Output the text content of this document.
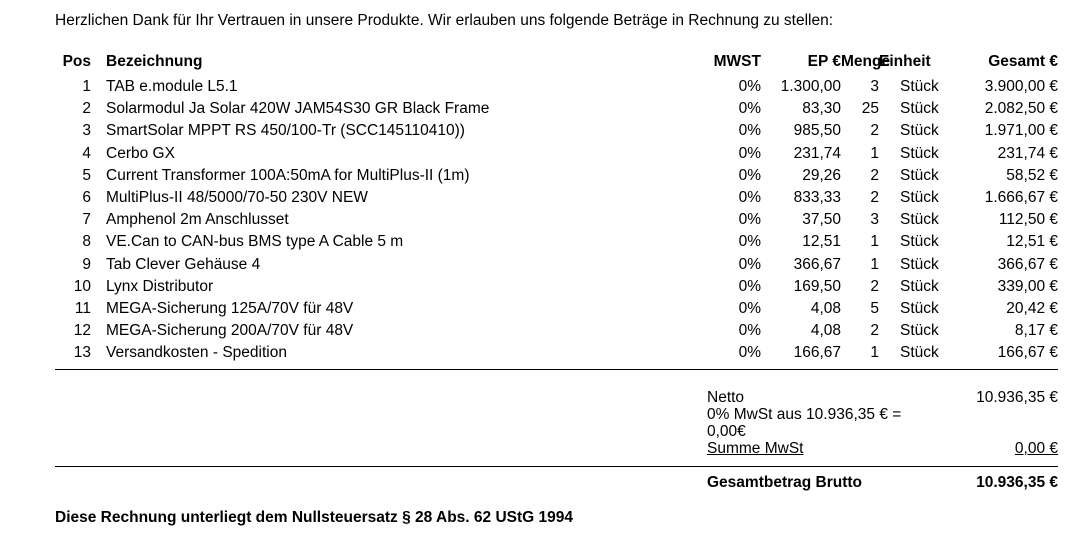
Herzlichen Dank für Ihr Vertrauen in unsere Produkte. Wir erlauben uns folgende Beträge in Rechnung zu stellen:
Pos	Bezeichnung	MWST	EP €	Menge	Einheit	Gesamt €
1	TAB e.module L5.1	0%	1.300,00	3	Stück	3.900,00 €
2	Solarmodul Ja Solar 420W JAM54S30 GR Black Frame	0%	83,30	25	Stück	2.082,50 €
3	SmartSolar MPPT RS 450/100-Tr (SCC145110410))	0%	985,50	2	Stück	1.971,00 €
4	Cerbo GX	0%	231,74	1	Stück	231,74 €
5	Current Transformer 100A:50mA for MultiPlus-II (1m)	0%	29,26	2	Stück	58,52 €
6	MultiPlus-II 48/5000/70-50 230V NEW	0%	833,33	2	Stück	1.666,67 €
7	Amphenol 2m Anschlusset	0%	37,50	3	Stück	112,50 €
8	VE.Can to CAN-bus BMS type A Cable 5 m	0%	12,51	1	Stück	12,51 €
9	Tab Clever Gehäuse 4	0%	366,67	1	Stück	366,67 €
10	Lynx Distributor	0%	169,50	2	Stück	339,00 €
11	MEGA-Sicherung 125A/70V für 48V	0%	4,08	5	Stück	20,42 €
12	MEGA-Sicherung 200A/70V für 48V	0%	4,08	2	Stück	8,17 €
13	Versandkosten - Spedition	0%	166,67	1	Stück	166,67 €
Netto	10.936,35 €
0% MwSt aus 10.936,35 € =
0,00€
Summe MwSt	0,00 €
Gesamtbetrag Brutto	10.936,35 €
Diese Rechnung unterliegt dem Nullsteuersatz § 28 Abs. 62 UStG 1994
